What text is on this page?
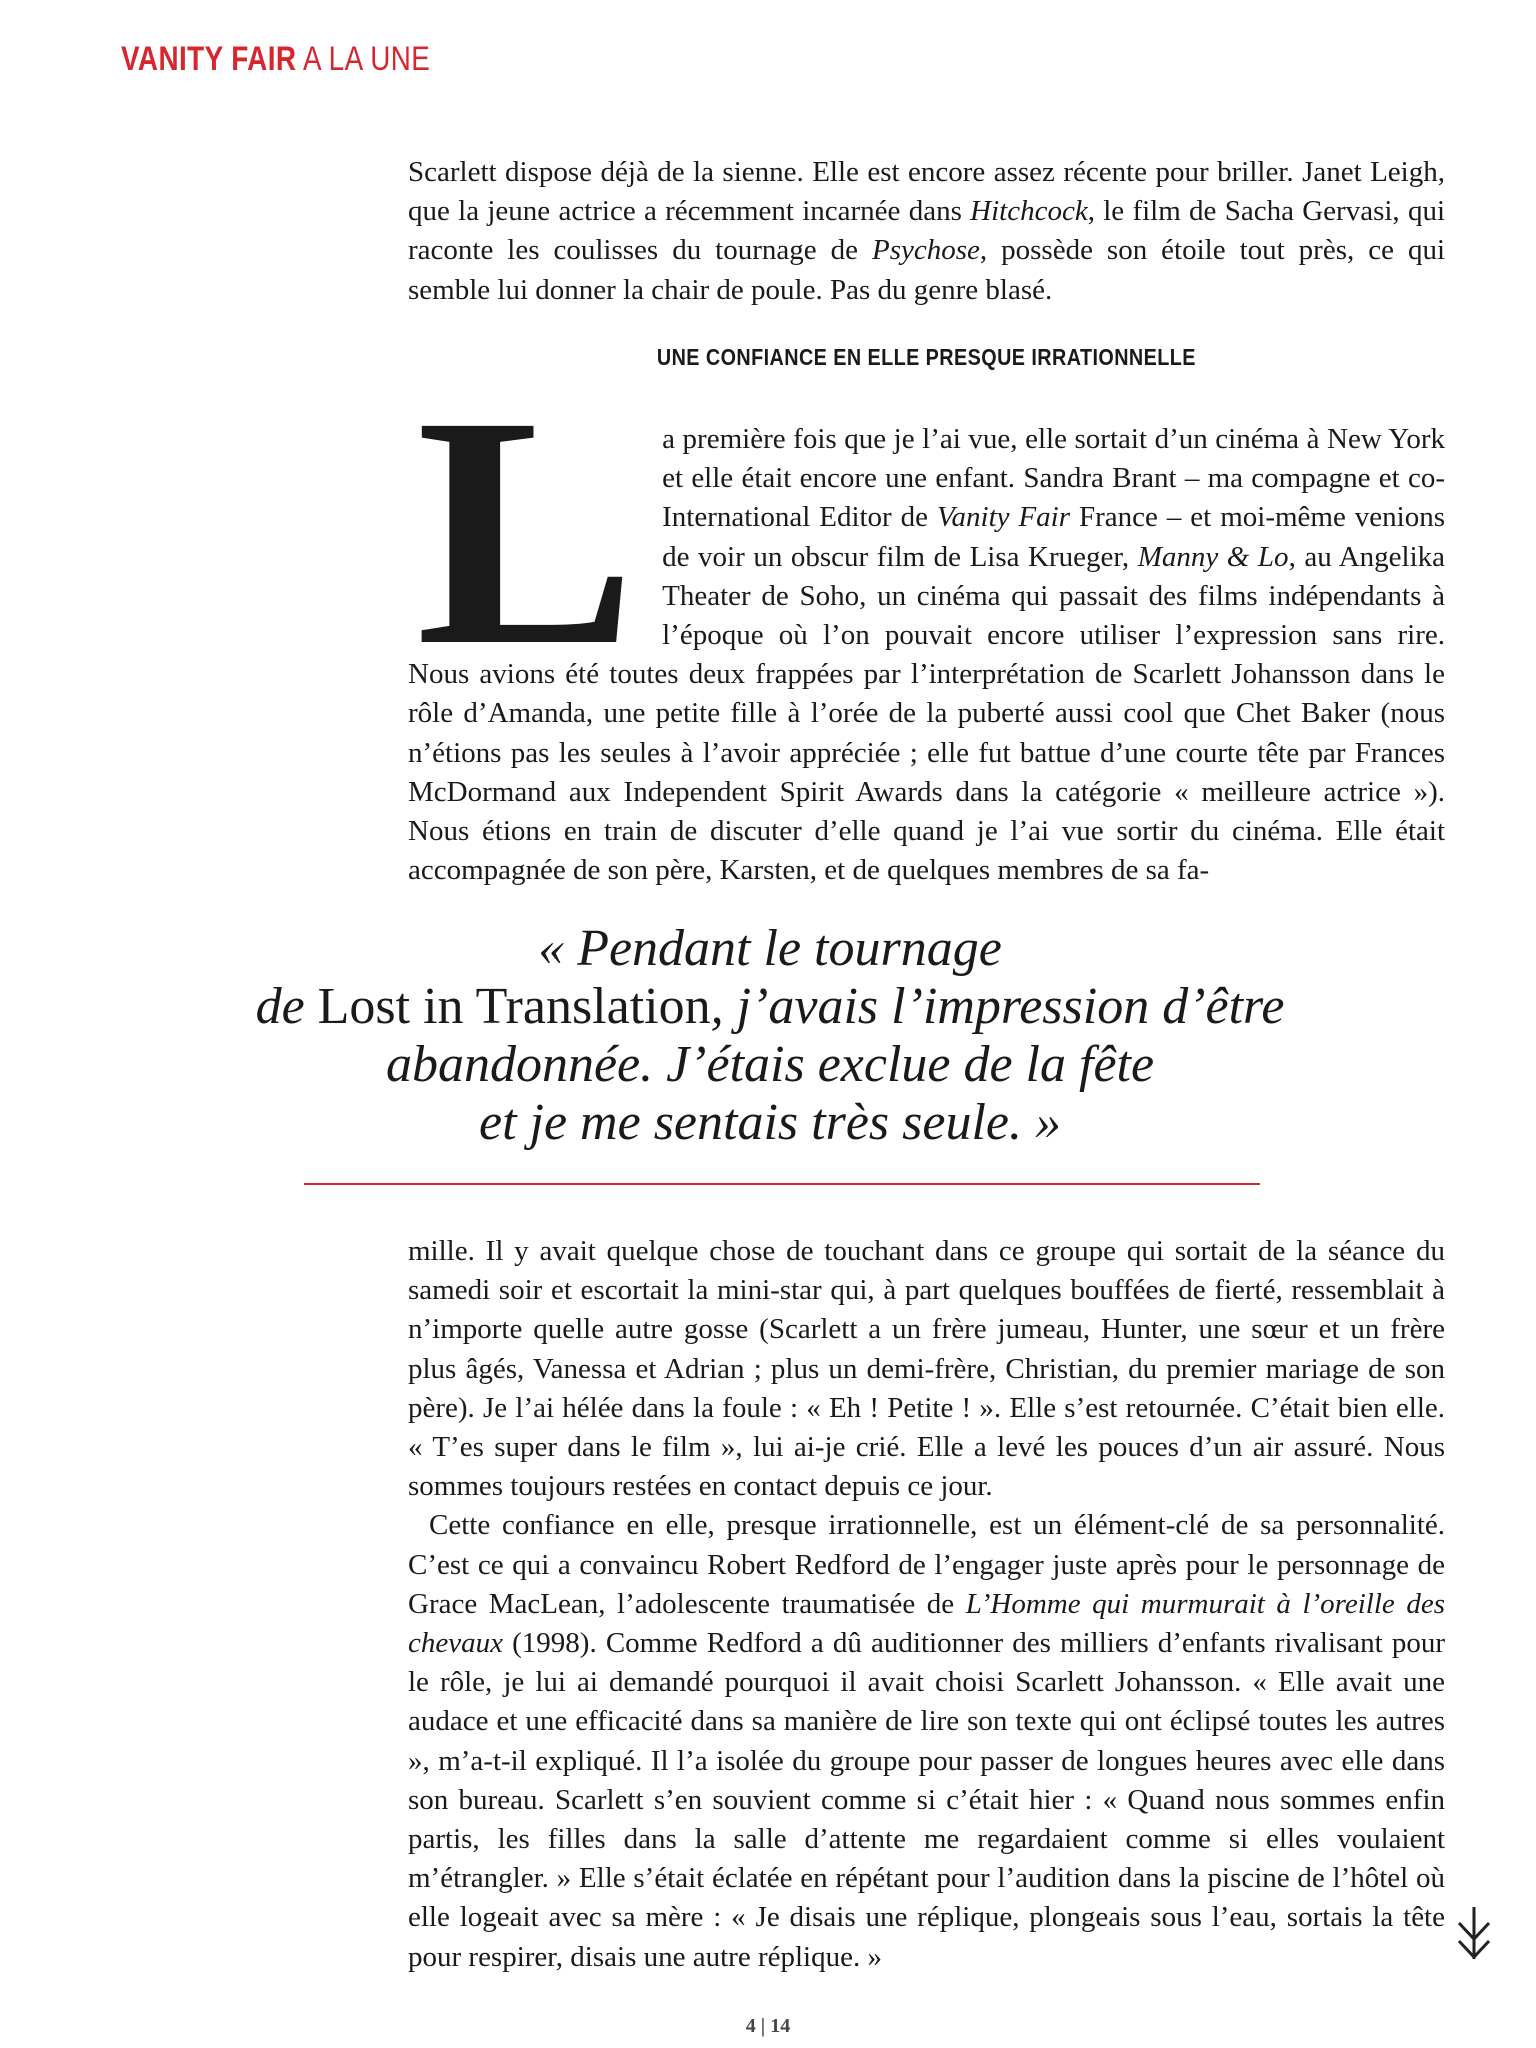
VANITY FAIR A LA UNE

Scarlett dispose déjà de la sienne. Elle est encore assez récente pour briller. Janet Leigh, que la jeune actrice a récemment incarnée dans Hitchcock, le film de Sacha Gervasi, qui raconte les coulisses du tournage de Psychose, possède son étoile tout près, ce qui semble lui donner la chair de poule. Pas du genre blasé.

UNE CONFIANCE EN ELLE PRESQUE IRRATIONNELLE
L a première fois que je l’ai vue, elle sortait d’un cinéma à New York et elle était encore une enfant. Sandra Brant – ma compagne et co-International Editor de Vanity Fair France – et moi-même venions de voir un obscur film de Lisa Krueger, Manny & Lo, au Angelika Theater de Soho, un cinéma qui passait des films indépendants à l’époque où l’on pouvait encore utiliser l’expression sans rire. Nous avions été toutes deux frappées par l’interprétation de Scarlett Johansson dans le rôle d’Amanda, une petite fille à l’orée de la puberté aussi cool que Chet Baker (nous n’étions pas les seules à l’avoir appréciée ; elle fut battue d’une courte tête par Frances McDormand aux Independent Spirit Awards dans la catégorie « meilleure actrice »). Nous étions en train de discuter d’elle quand je l’ai vue sortir du cinéma. Elle était accompagnée de son père, Karsten, et de quelques membres de sa fa-

« Pendant le tournage
de Lost in Translation, j’avais l’impression d’être
abandonnée. J’étais exclue de la fête
et je me sentais très seule. »

mille. Il y avait quelque chose de touchant dans ce groupe qui sortait de la séance du samedi soir et escortait la mini-star qui, à part quelques bouffées de fierté, ressemblait à n’importe quelle autre gosse (Scarlett a un frère jumeau, Hunter, une sœur et un frère plus âgés, Vanessa et Adrian ; plus un demi-frère, Christian, du premier mariage de son père). Je l’ai hélée dans la foule : « Eh ! Petite ! ». Elle s’est retournée. C’était bien elle. « T’es super dans le film », lui ai-je crié. Elle a levé les pouces d’un air assuré. Nous sommes toujours restées en contact depuis ce jour.

Cette confiance en elle, presque irrationnelle, est un élément-clé de sa personnalité. C’est ce qui a convaincu Robert Redford de l’engager juste après pour le personnage de Grace MacLean, l’adolescente traumatisée de L’Homme qui murmurait à l’oreille des chevaux (1998). Comme Redford a dû auditionner des milliers d’enfants rivalisant pour le rôle, je lui ai demandé pourquoi il avait choisi Scarlett Johansson. « Elle avait une audace et une efficacité dans sa manière de lire son texte qui ont éclipsé toutes les autres », m’a-t-il expliqué. Il l’a isolée du groupe pour passer de longues heures avec elle dans son bureau. Scarlett s’en souvient comme si c’était hier : « Quand nous sommes enfin partis, les filles dans la salle d’attente me regardaient comme si elles voulaient m’étrangler. » Elle s’était éclatée en répétant pour l’audition dans la piscine de l’hôtel où elle logeait avec sa mère : « Je disais une réplique, plongeais sous l’eau, sortais la tête pour respirer, disais une autre réplique. »

4 | 14
